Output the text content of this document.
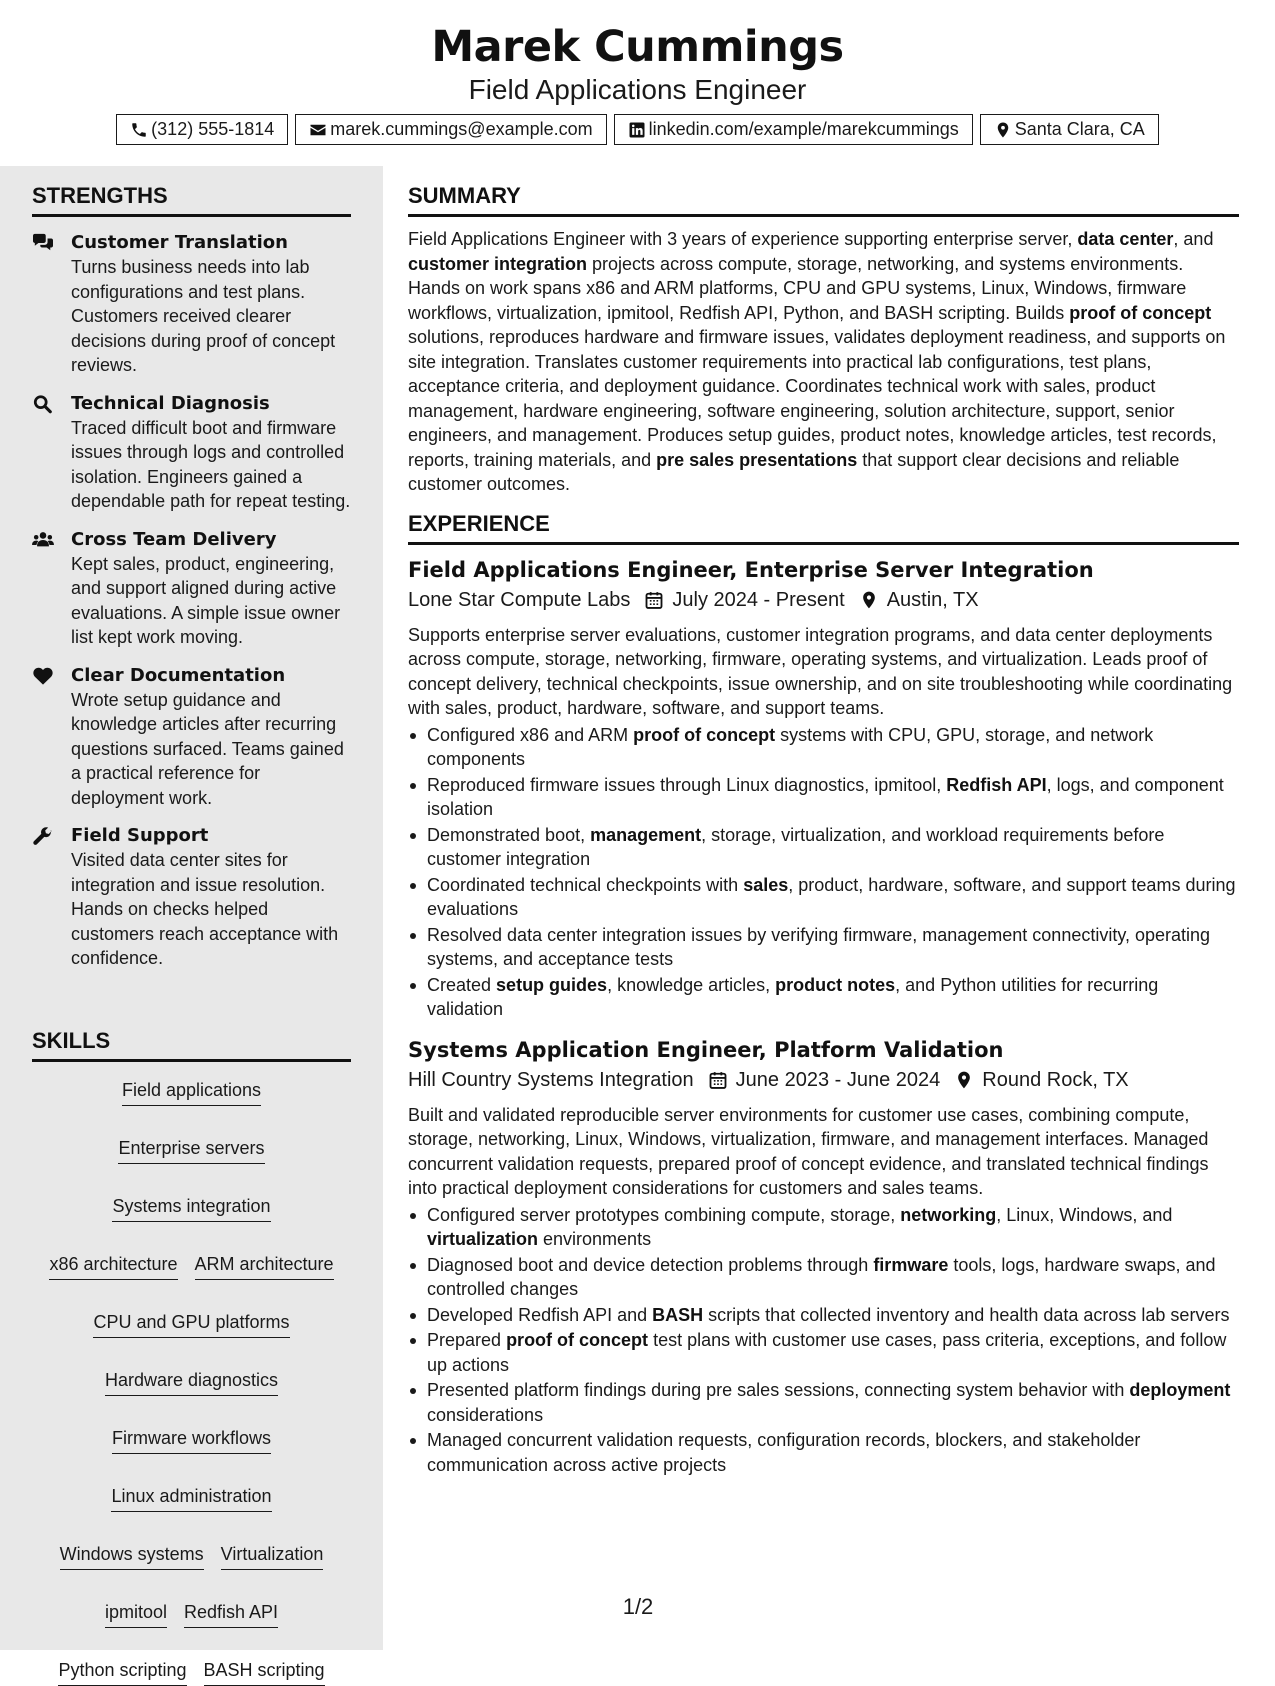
Marek Cummings
Field Applications Engineer
(312) 555-1814	marek.cummings@example.com	linkedin.com/example/marekcummings	Santa Clara, CA
STRENGTHS
Customer Translation
Turns business needs into lab configurations and test plans. Customers received clearer decisions during proof of concept reviews.
Technical Diagnosis
Traced difficult boot and firmware issues through logs and controlled isolation. Engineers gained a dependable path for repeat testing.
Cross Team Delivery
Kept sales, product, engineering, and support aligned during active evaluations. A simple issue owner list kept work moving.
Clear Documentation
Wrote setup guidance and knowledge articles after recurring questions surfaced. Teams gained a practical reference for deployment work.
Field Support
Visited data center sites for integration and issue resolution. Hands on checks helped customers reach acceptance with confidence.
SKILLS
Field applications
Enterprise servers
Systems integration
x86 architecture ARM architecture
CPU and GPU platforms
Hardware diagnostics
Firmware workflows
Linux administration
Windows systems Virtualization
ipmitool Redfish API
Python scripting BASH scripting
SUMMARY
Field Applications Engineer with 3 years of experience supporting enterprise server, data center, and customer integration projects across compute, storage, networking, and systems environments. Hands on work spans x86 and ARM platforms, CPU and GPU systems, Linux, Windows, firmware workflows, virtualization, ipmitool, Redfish API, Python, and BASH scripting. Builds proof of concept solutions, reproduces hardware and firmware issues, validates deployment readiness, and supports on site integration. Translates customer requirements into practical lab configurations, test plans, acceptance criteria, and deployment guidance. Coordinates technical work with sales, product management, hardware engineering, software engineering, solution architecture, support, senior engineers, and management. Produces setup guides, product notes, knowledge articles, test records, reports, training materials, and pre sales presentations that support clear decisions and reliable customer outcomes.
EXPERIENCE
Field Applications Engineer, Enterprise Server Integration
Lone Star Compute Labs July 2024 - Present Austin, TX
Supports enterprise server evaluations, customer integration programs, and data center deployments across compute, storage, networking, firmware, operating systems, and virtualization. Leads proof of concept delivery, technical checkpoints, issue ownership, and on site troubleshooting while coordinating with sales, product, hardware, software, and support teams.
Configured x86 and ARM proof of concept systems with CPU, GPU, storage, and network components
Reproduced firmware issues through Linux diagnostics, ipmitool, Redfish API, logs, and component isolation
Demonstrated boot, management, storage, virtualization, and workload requirements before customer integration
Coordinated technical checkpoints with sales, product, hardware, software, and support teams during evaluations
Resolved data center integration issues by verifying firmware, management connectivity, operating systems, and acceptance tests
Created setup guides, knowledge articles, product notes, and Python utilities for recurring validation
Systems Application Engineer, Platform Validation
Hill Country Systems Integration June 2023 - June 2024 Round Rock, TX
Built and validated reproducible server environments for customer use cases, combining compute, storage, networking, Linux, Windows, virtualization, firmware, and management interfaces. Managed concurrent validation requests, prepared proof of concept evidence, and translated technical findings into practical deployment considerations for customers and sales teams.
Configured server prototypes combining compute, storage, networking, Linux, Windows, and virtualization environments
Diagnosed boot and device detection problems through firmware tools, logs, hardware swaps, and controlled changes
Developed Redfish API and BASH scripts that collected inventory and health data across lab servers
Prepared proof of concept test plans with customer use cases, pass criteria, exceptions, and follow up actions
Presented platform findings during pre sales sessions, connecting system behavior with deployment considerations
Managed concurrent validation requests, configuration records, blockers, and stakeholder communication across active projects
1/2
